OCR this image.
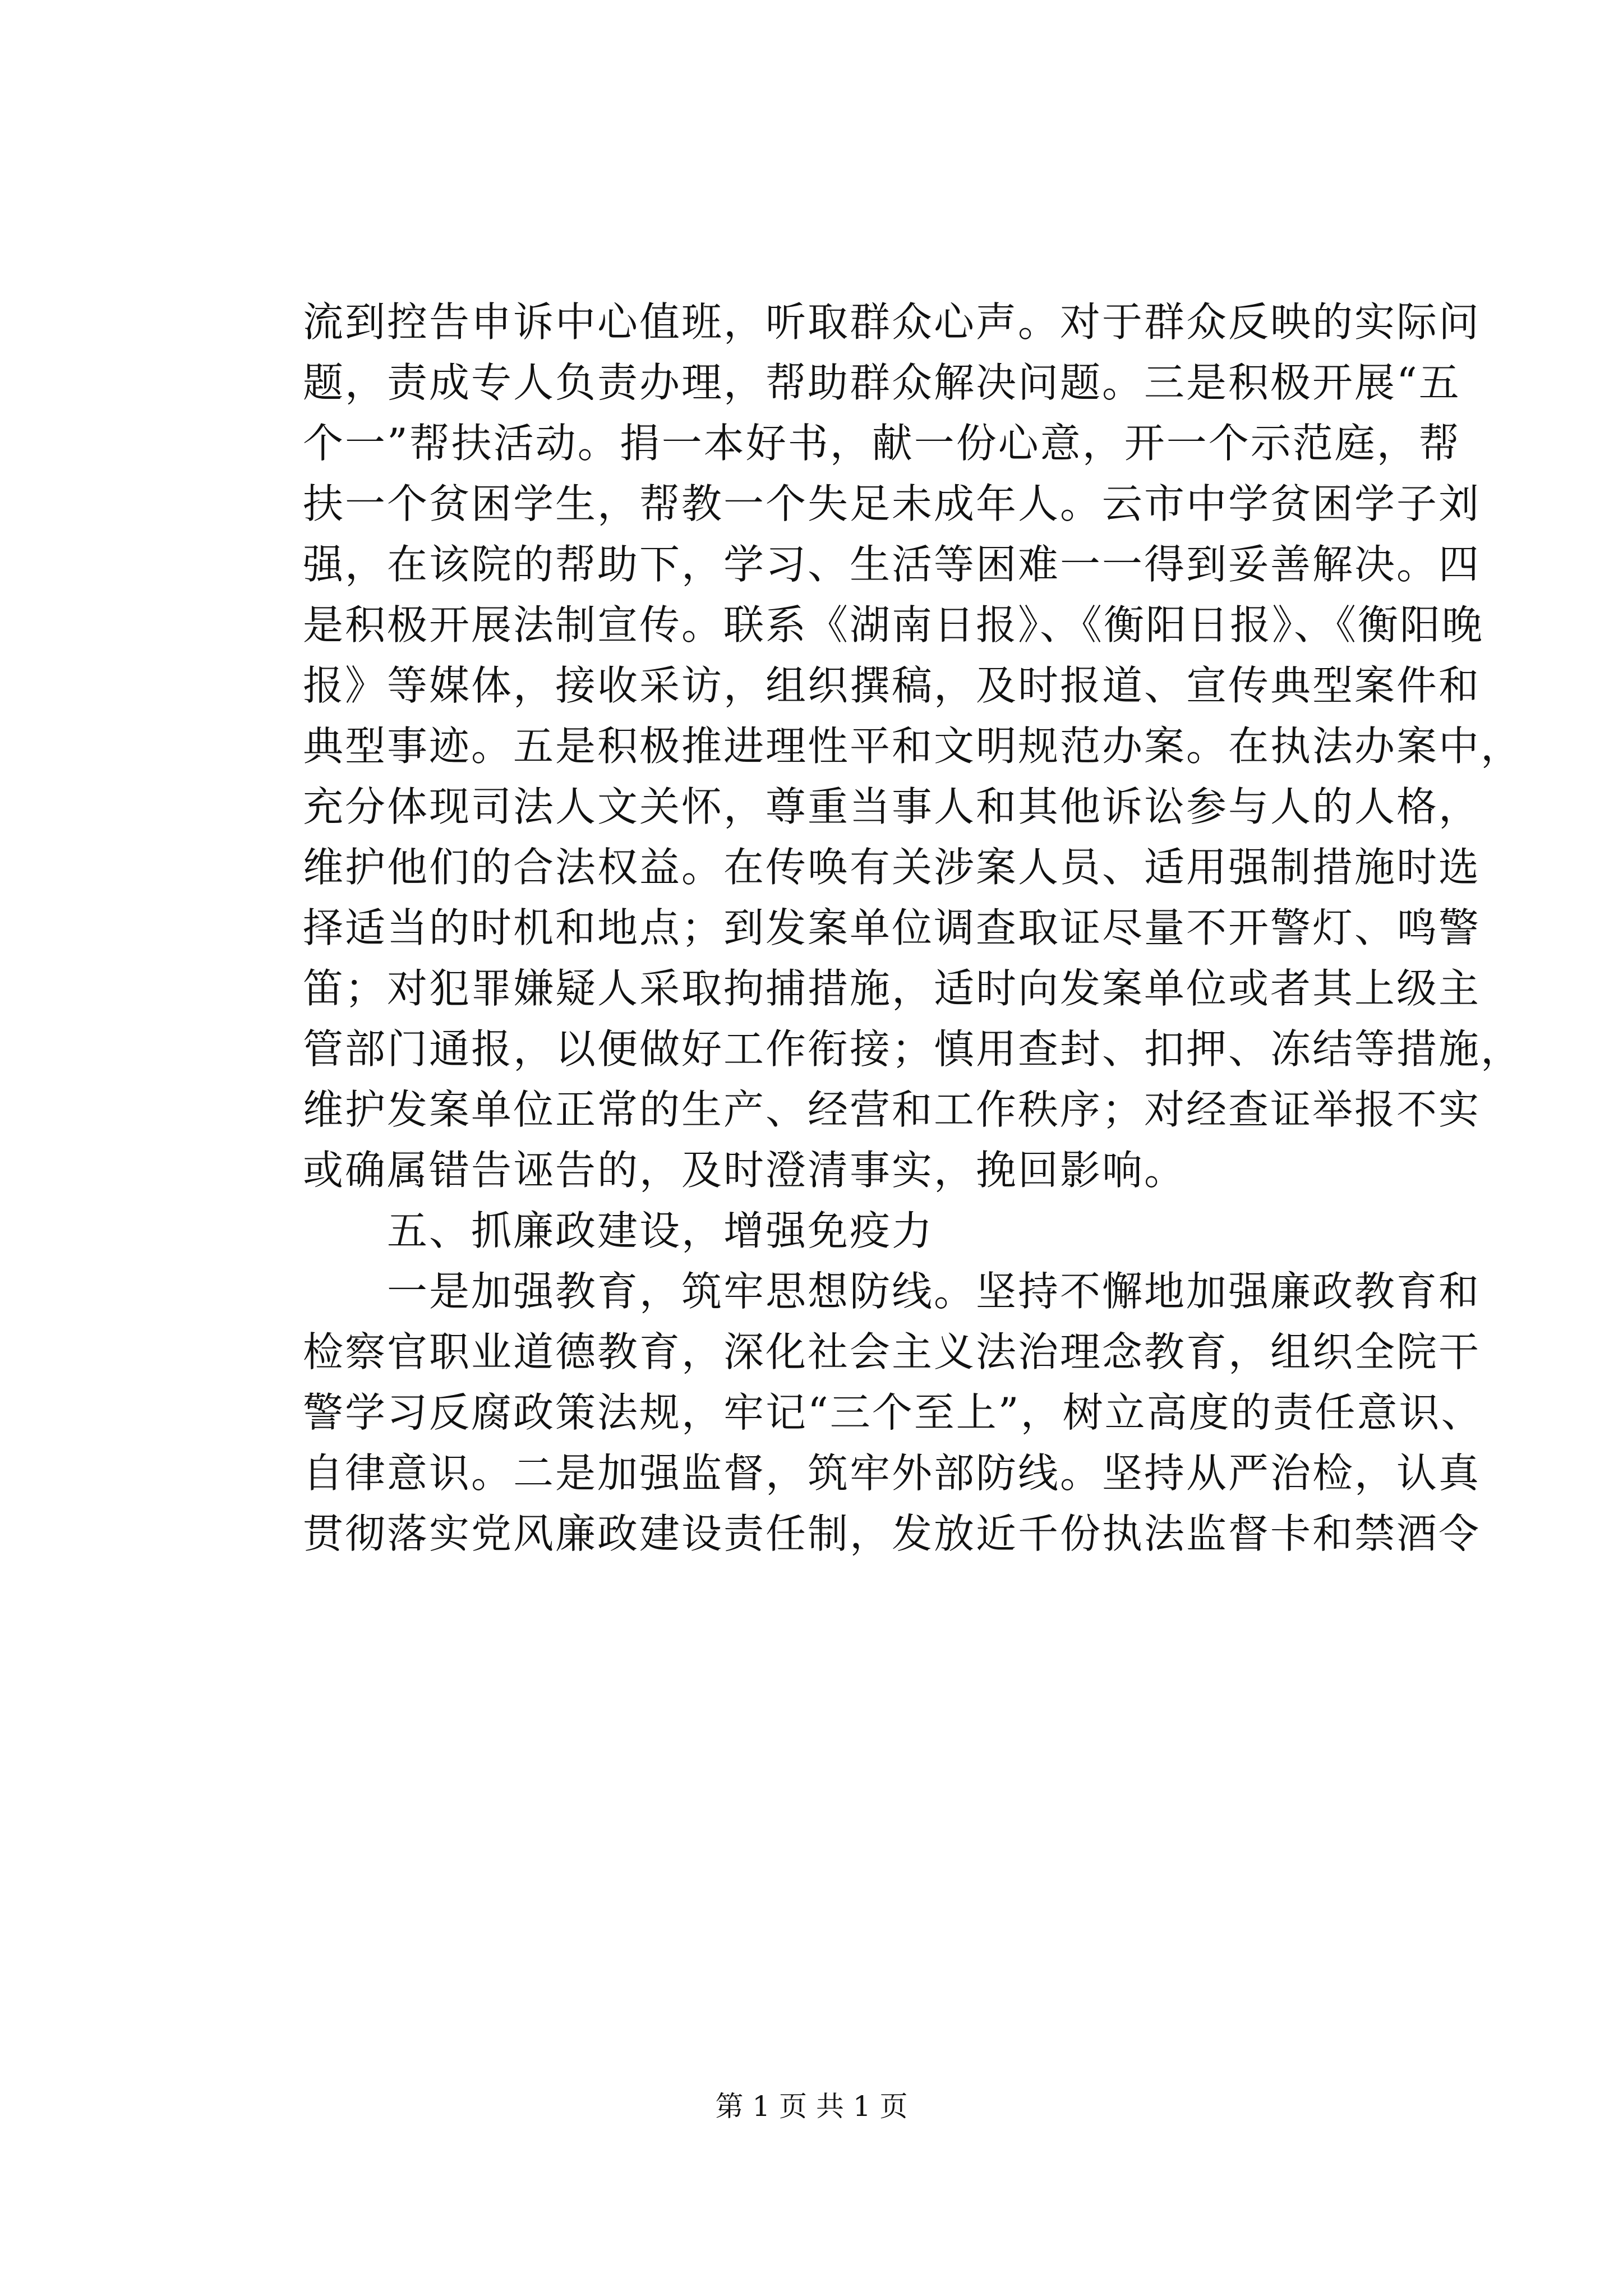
流到控告申诉中心值班，听取群众心声。对于群众反映的实际问
题，责成专人负责办理，帮助群众解决问题。三是积极开展“五
个一”帮扶活动。捐一本好书，献一份心意，开一个示范庭，帮
扶一个贫困学生，帮教一个失足未成年人。云市中学贫困学子刘
强，在该院的帮助下，学习、生活等困难一一得到妥善解决。四
是积极开展法制宣传。联系《湖南日报》、《衡阳日报》、《衡阳晚
报》等媒体，接收采访，组织撰稿，及时报道、宣传典型案件和
典型事迹。五是积极推进理性平和文明规范办案。在执法办案中，
充分体现司法人文关怀，尊重当事人和其他诉讼参与人的人格，
维护他们的合法权益。在传唤有关涉案人员、适用强制措施时选
择适当的时机和地点；到发案单位调查取证尽量不开警灯、鸣警
笛；对犯罪嫌疑人采取拘捕措施，适时向发案单位或者其上级主
管部门通报，以便做好工作衔接；慎用查封、扣押、冻结等措施，
维护发案单位正常的生产、经营和工作秩序；对经查证举报不实
或确属错告诬告的，及时澄清事实，挽回影响。
五、抓廉政建设，增强免疫力
一是加强教育，筑牢思想防线。坚持不懈地加强廉政教育和
检察官职业道德教育，深化社会主义法治理念教育，组织全院干
警学习反腐政策法规，牢记“三个至上”，树立高度的责任意识、
自律意识。二是加强监督，筑牢外部防线。坚持从严治检，认真
贯彻落实党风廉政建设责任制，发放近千份执法监督卡和禁酒令
第 1 页 共 1 页
